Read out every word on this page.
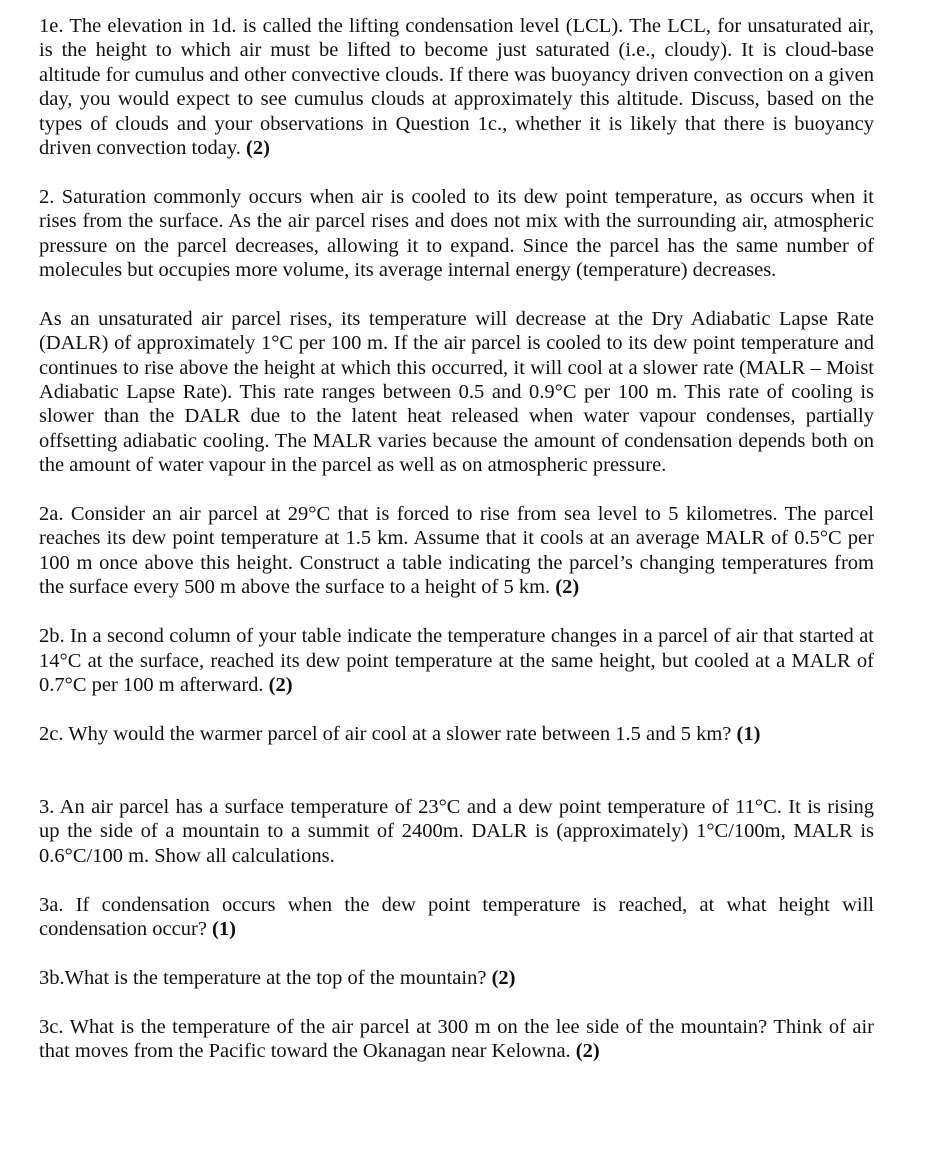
1e. The elevation in 1d. is called the lifting condensation level (LCL). The LCL, for unsaturated air, is the height to which air must be lifted to become just saturated (i.e., cloudy). It is cloud-base altitude for cumulus and other convective clouds. If there was buoyancy driven convection on a given day, you would expect to see cumulus clouds at approximately this altitude. Discuss, based on the types of clouds and your observations in Question 1c., whether it is likely that there is buoyancy driven convection today. (2)

2. Saturation commonly occurs when air is cooled to its dew point temperature, as occurs when it rises from the surface. As the air parcel rises and does not mix with the surrounding air, atmospheric pressure on the parcel decreases, allowing it to expand. Since the parcel has the same number of molecules but occupies more volume, its average internal energy (temperature) decreases.

As an unsaturated air parcel rises, its temperature will decrease at the Dry Adiabatic Lapse Rate (DALR) of approximately 1°C per 100 m. If the air parcel is cooled to its dew point temperature and continues to rise above the height at which this occurred, it will cool at a slower rate (MALR – Moist Adiabatic Lapse Rate). This rate ranges between 0.5 and 0.9°C per 100 m. This rate of cooling is slower than the DALR due to the latent heat released when water vapour condenses, partially offsetting adiabatic cooling. The MALR varies because the amount of condensation depends both on the amount of water vapour in the parcel as well as on atmospheric pressure.

2a. Consider an air parcel at 29°C that is forced to rise from sea level to 5 kilometres. The parcel reaches its dew point temperature at 1.5 km. Assume that it cools at an average MALR of 0.5°C per 100 m once above this height. Construct a table indicating the parcel’s changing temperatures from the surface every 500 m above the surface to a height of 5 km. (2)

2b. In a second column of your table indicate the temperature changes in a parcel of air that started at 14°C at the surface, reached its dew point temperature at the same height, but cooled at a MALR of 0.7°C per 100 m afterward. (2)

2c. Why would the warmer parcel of air cool at a slower rate between 1.5 and 5 km? (1)

3. An air parcel has a surface temperature of 23°C and a dew point temperature of 11°C. It is rising up the side of a mountain to a summit of 2400m. DALR is (approximately) 1°C/100m, MALR is 0.6°C/100 m. Show all calculations.

3a. If condensation occurs when the dew point temperature is reached, at what height will condensation occur? (1)

3b.What is the temperature at the top of the mountain? (2)

3c. What is the temperature of the air parcel at 300 m on the lee side of the mountain? Think of air that moves from the Pacific toward the Okanagan near Kelowna. (2)
